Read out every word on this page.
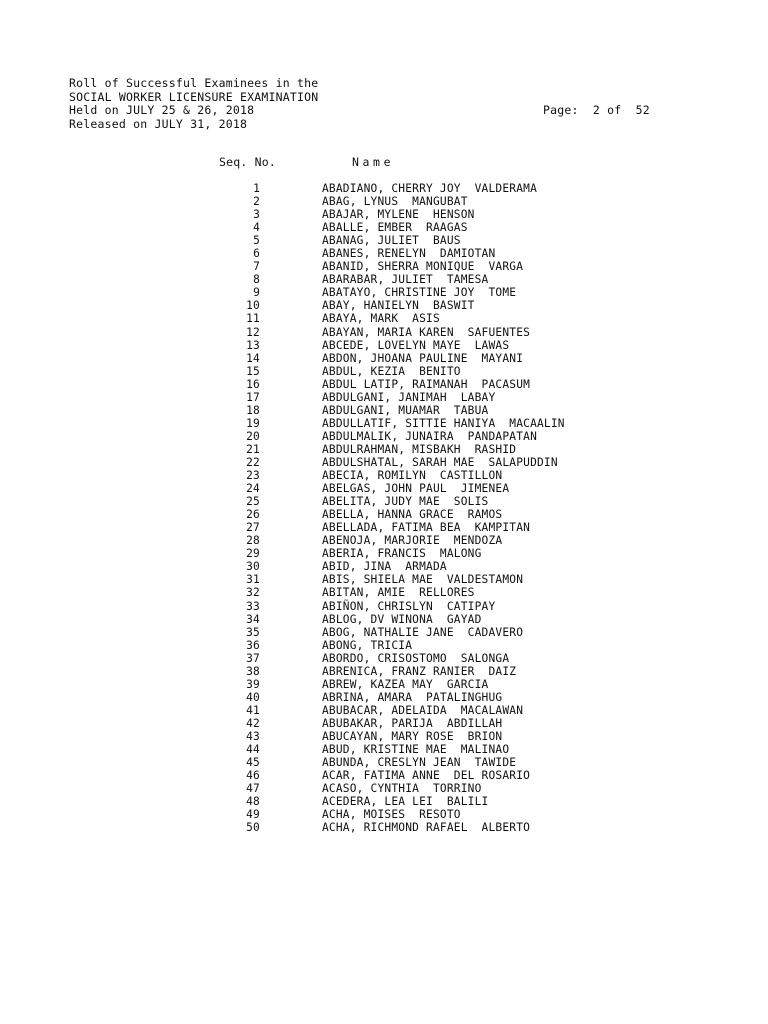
Roll of Successful Examinees in the
SOCIAL WORKER LICENSURE EXAMINATION
Held on JULY 25 & 26, 2018
Released on JULY 31, 2018
Page:  2 of  52
Seq. No.	Name
1	ABADIANO, CHERRY JOY  VALDERAMA
2	ABAG, LYNUS  MANGUBAT
3	ABAJAR, MYLENE  HENSON
4	ABALLE, EMBER  RAAGAS
5	ABANAG, JULIET  BAUS
6	ABANES, RENELYN  DAMIOTAN
7	ABANID, SHERRA MONIQUE  VARGA
8	ABARABAR, JULIET  TAMESA
9	ABATAYO, CHRISTINE JOY  TOME
10	ABAY, HANIELYN  BASWIT
11	ABAYA, MARK  ASIS
12	ABAYAN, MARIA KAREN  SAFUENTES
13	ABCEDE, LOVELYN MAYE  LAWAS
14	ABDON, JHOANA PAULINE  MAYANI
15	ABDUL, KEZIA  BENITO
16	ABDUL LATIP, RAIMANAH  PACASUM
17	ABDULGANI, JANIMAH  LABAY
18	ABDULGANI, MUAMAR  TABUA
19	ABDULLATIF, SITTIE HANIYA  MACAALIN
20	ABDULMALIK, JUNAIRA  PANDAPATAN
21	ABDULRAHMAN, MISBAKH  RASHID
22	ABDULSHATAL, SARAH MAE  SALAPUDDIN
23	ABECIA, ROMILYN  CASTILLON
24	ABELGAS, JOHN PAUL  JIMENEA
25	ABELITA, JUDY MAE  SOLIS
26	ABELLA, HANNA GRACE  RAMOS
27	ABELLADA, FATIMA BEA  KAMPITAN
28	ABENOJA, MARJORIE  MENDOZA
29	ABERIA, FRANCIS  MALONG
30	ABID, JINA  ARMADA
31	ABIS, SHIELA MAE  VALDESTAMON
32	ABITAN, AMIE  RELLORES
33	ABIÑON, CHRISLYN  CATIPAY
34	ABLOG, DV WINONA  GAYAD
35	ABOG, NATHALIE JANE  CADAVERO
36	ABONG, TRICIA
37	ABORDO, CRISOSTOMO  SALONGA
38	ABRENICA, FRANZ RANIER  DAIZ
39	ABREW, KAZEA MAY  GARCIA
40	ABRINA, AMARA  PATALINGHUG
41	ABUBACAR, ADELAIDA  MACALAWAN
42	ABUBAKAR, PARIJA  ABDILLAH
43	ABUCAYAN, MARY ROSE  BRION
44	ABUD, KRISTINE MAE  MALINAO
45	ABUNDA, CRESLYN JEAN  TAWIDE
46	ACAR, FATIMA ANNE  DEL ROSARIO
47	ACASO, CYNTHIA  TORRINO
48	ACEDERA, LEA LEI  BALILI
49	ACHA, MOISES  RESOTO
50	ACHA, RICHMOND RAFAEL  ALBERTO
